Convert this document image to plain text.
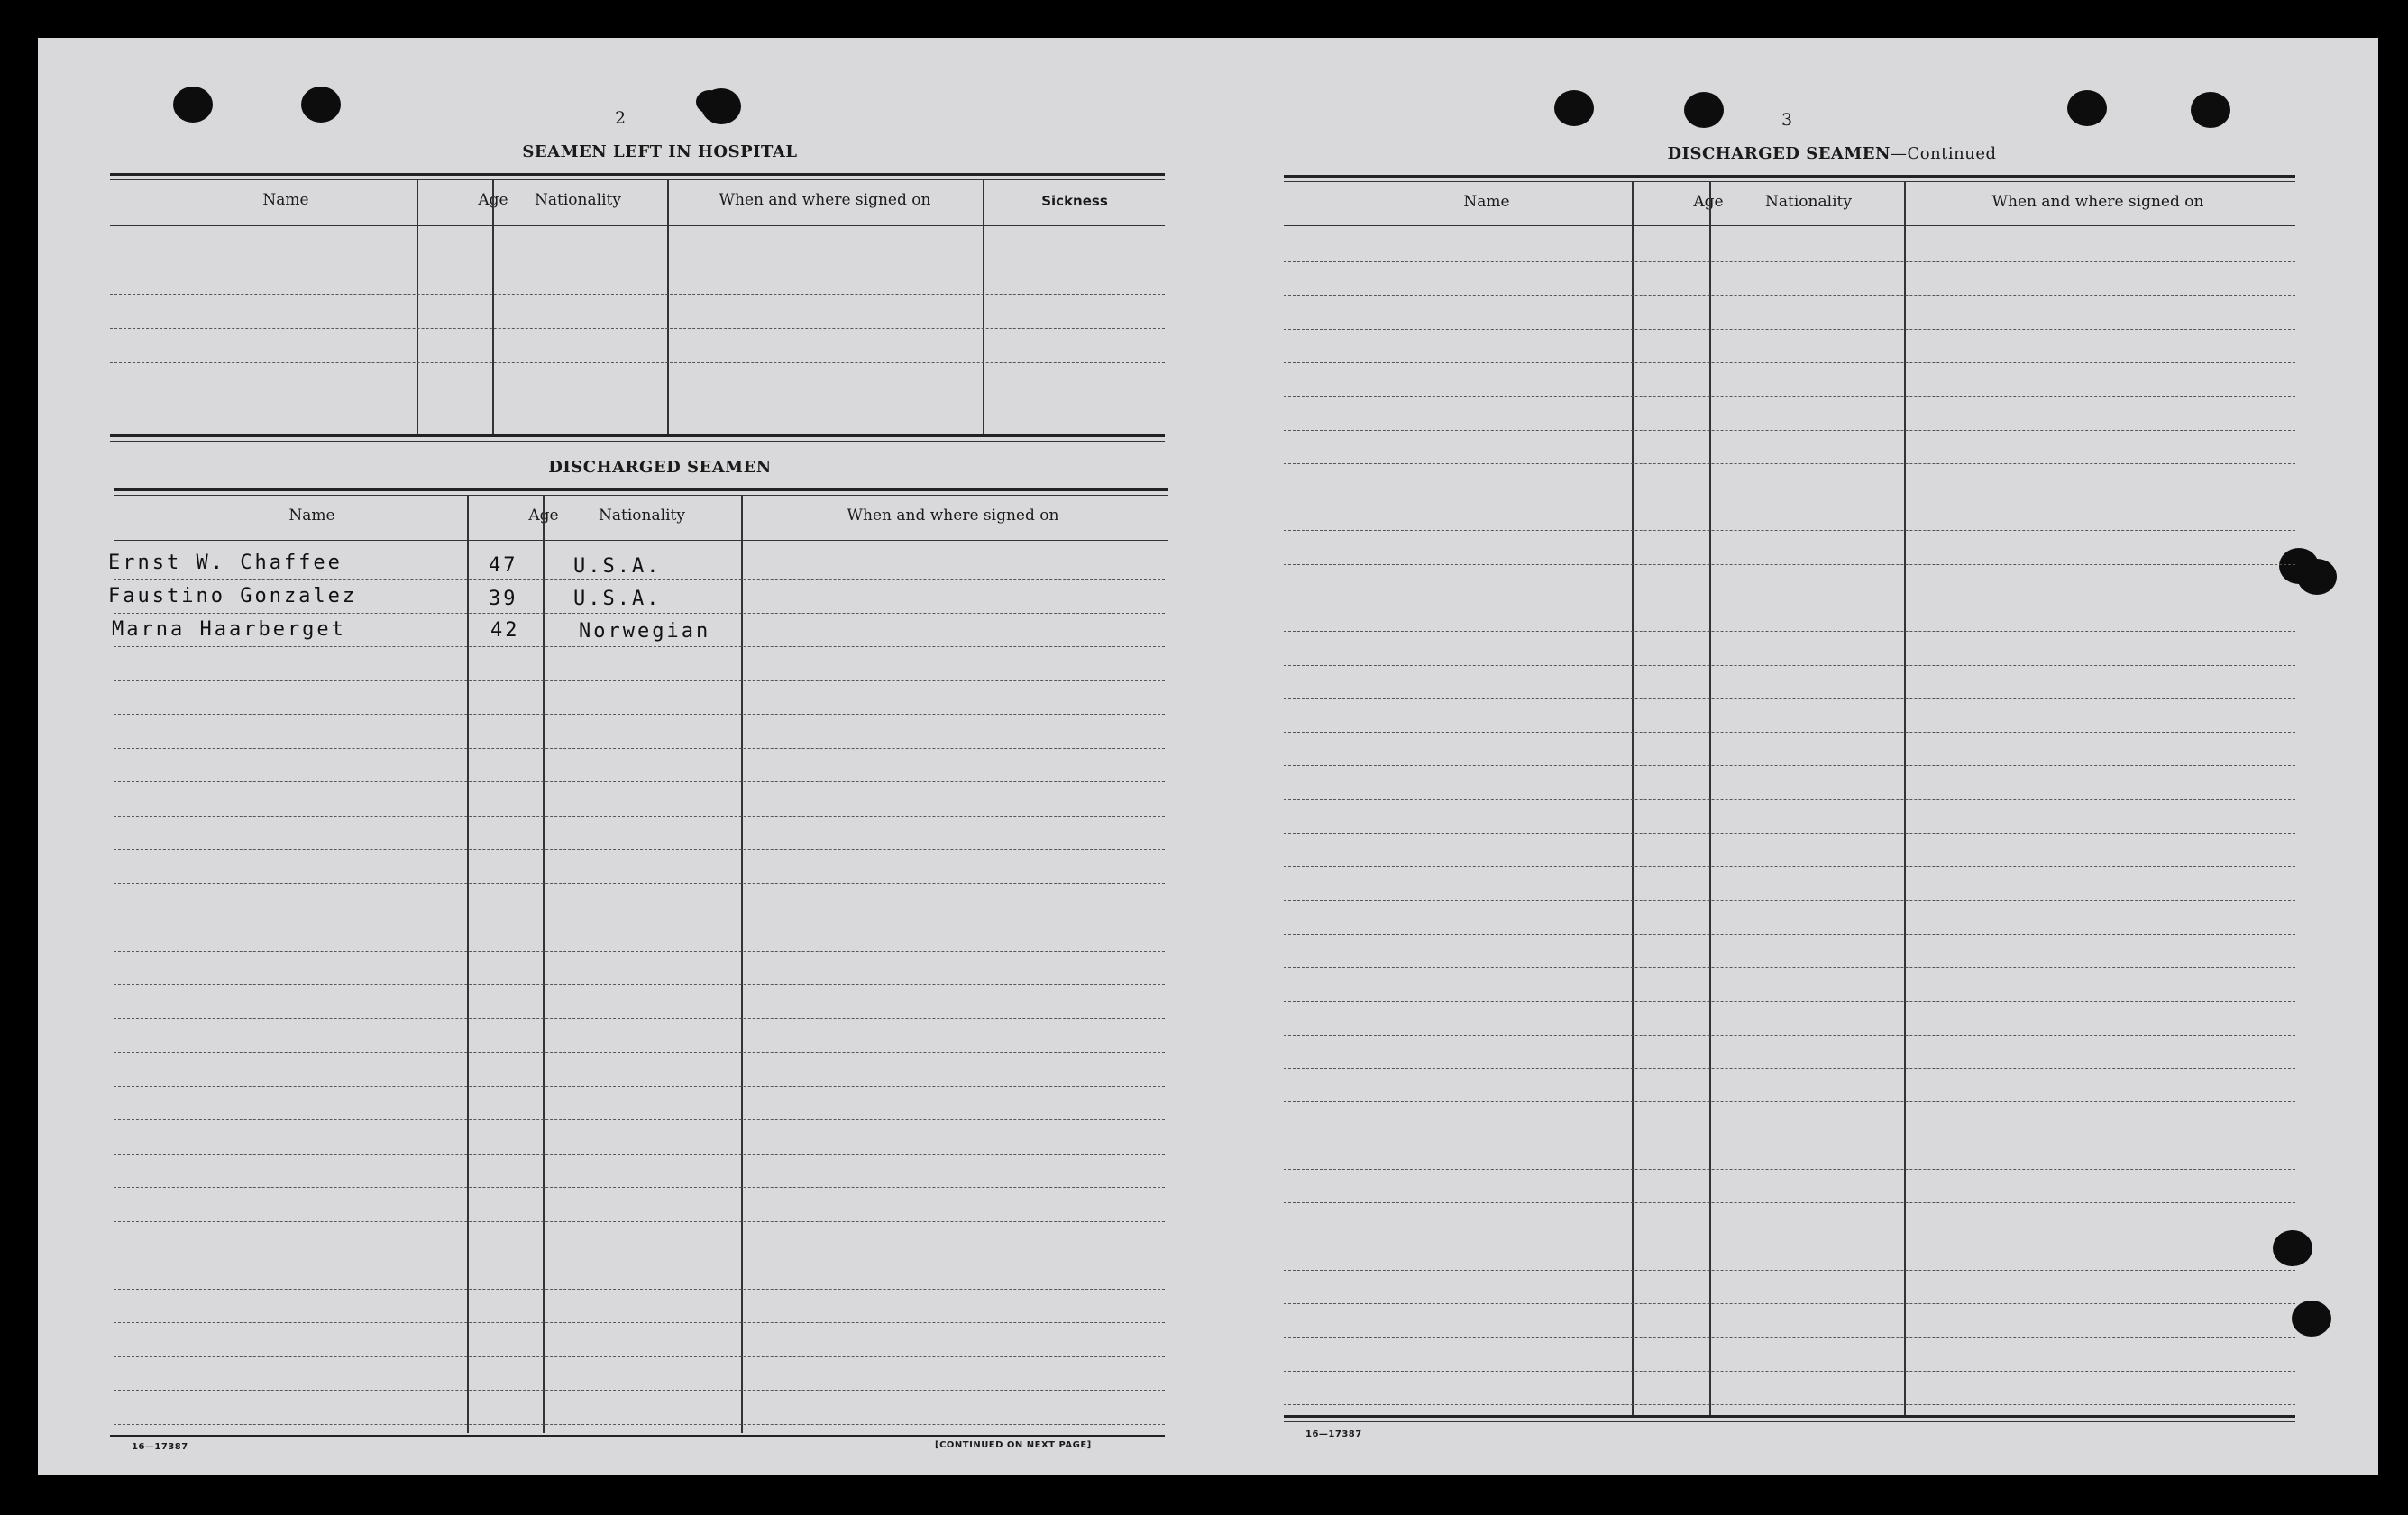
2
SEAMEN LEFT IN HOSPITAL
Name	Age	Nationality	When and where signed on	Sickness
DISCHARGED SEAMEN
Name	Age	Nationality	When and where signed on
Ernst W. Chaffee	47	U.S.A.
Faustino Gonzalez	39	U.S.A.
Marna Haarberget	42	Norwegian
16—17387	[CONTINUED ON NEXT PAGE]
3
DISCHARGED SEAMEN—Continued
Name	Age	Nationality	When and where signed on
16—17387
